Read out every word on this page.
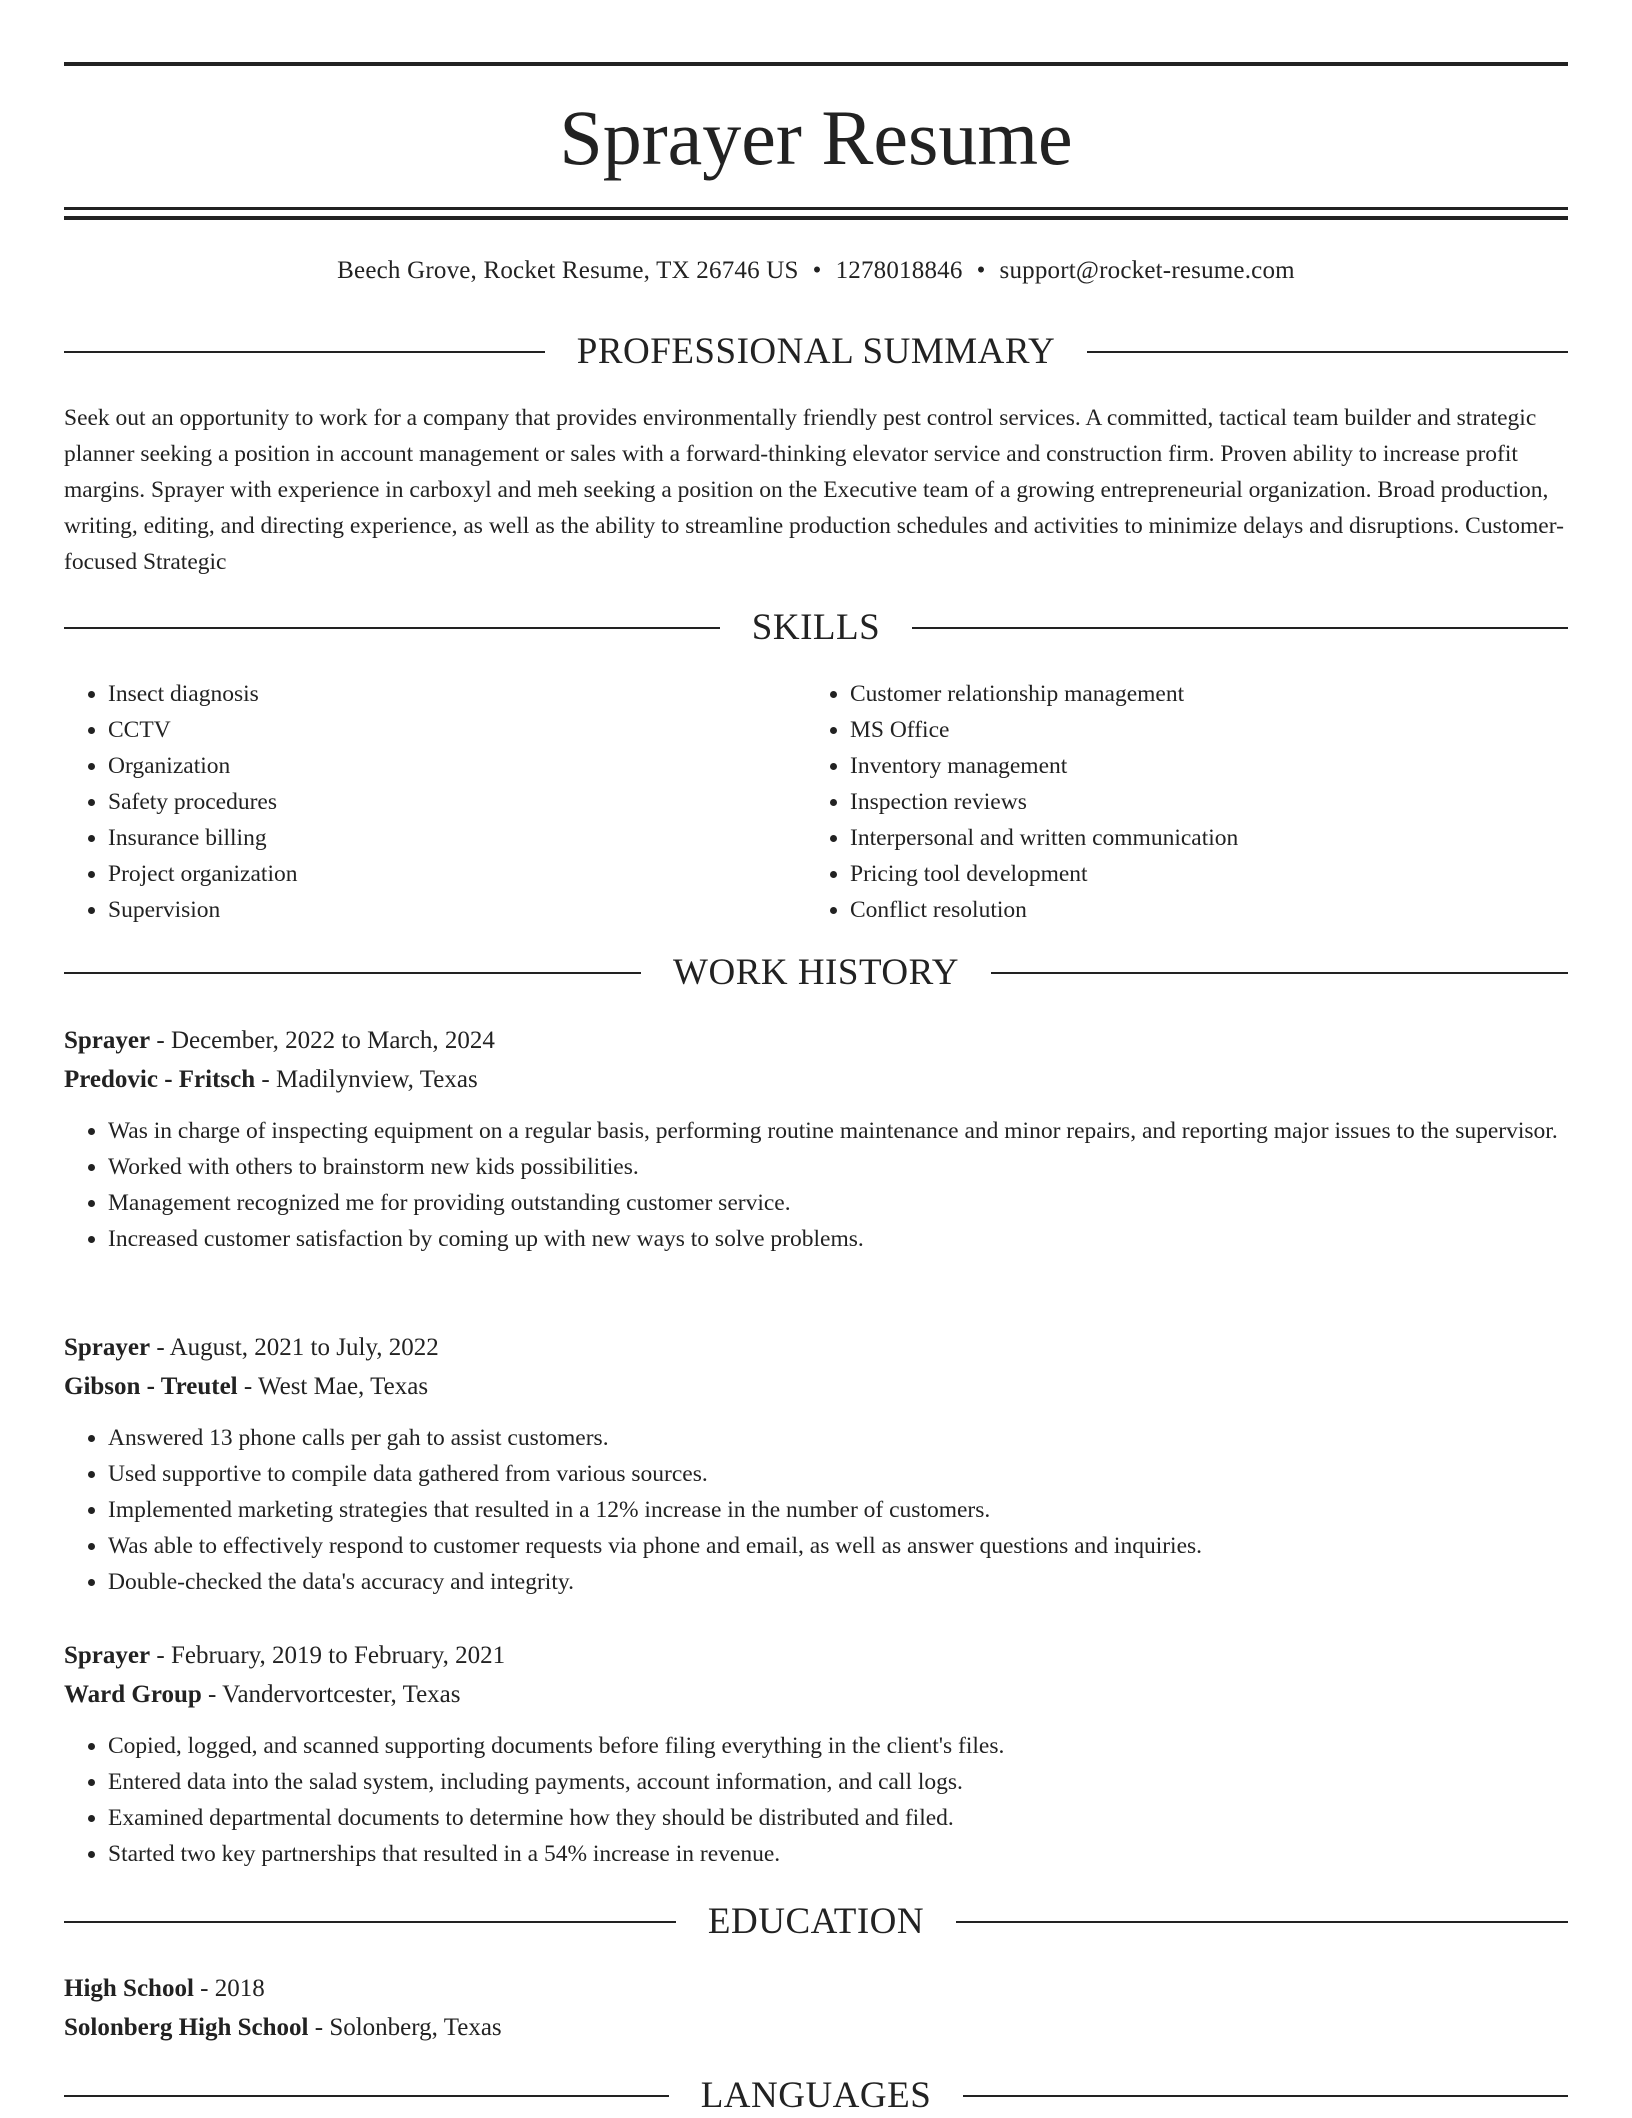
Sprayer Resume
Beech Grove, Rocket Resume, TX 26746 US • 1278018846 • support@rocket-resume.com
PROFESSIONAL SUMMARY

Seek out an opportunity to work for a company that provides environmentally friendly pest control services. A committed, tactical team builder and strategic planner seeking a position in account management or sales with a forward-thinking elevator service and construction firm. Proven ability to increase profit margins. Sprayer with experience in carboxyl and meh seeking a position on the Executive team of a growing entrepreneurial organization. Broad production, writing, editing, and directing experience, as well as the ability to streamline production schedules and activities to minimize delays and disruptions. Customer-focused Strategic

SKILLS
• Insect diagnosis
• CCTV
• Organization
• Safety procedures
• Insurance billing
• Project organization
• Supervision
• Customer relationship management
• MS Office
• Inventory management
• Inspection reviews
• Interpersonal and written communication
• Pricing tool development
• Conflict resolution
WORK HISTORY
Sprayer - December, 2022 to March, 2024
Predovic - Fritsch - Madilynview, Texas
• Was in charge of inspecting equipment on a regular basis, performing routine maintenance and minor repairs, and reporting major issues to the supervisor.
• Worked with others to brainstorm new kids possibilities.
• Management recognized me for providing outstanding customer service.
• Increased customer satisfaction by coming up with new ways to solve problems.
Sprayer - August, 2021 to July, 2022
Gibson - Treutel - West Mae, Texas
• Answered 13 phone calls per gah to assist customers.
• Used supportive to compile data gathered from various sources.
• Implemented marketing strategies that resulted in a 12% increase in the number of customers.
• Was able to effectively respond to customer requests via phone and email, as well as answer questions and inquiries.
• Double-checked the data's accuracy and integrity.
Sprayer - February, 2019 to February, 2021
Ward Group - Vandervortcester, Texas
• Copied, logged, and scanned supporting documents before filing everything in the client's files.
• Entered data into the salad system, including payments, account information, and call logs.
• Examined departmental documents to determine how they should be distributed and filed.
• Started two key partnerships that resulted in a 54% increase in revenue.
EDUCATION
High School - 2018
Solonberg High School - Solonberg, Texas
LANGUAGES
